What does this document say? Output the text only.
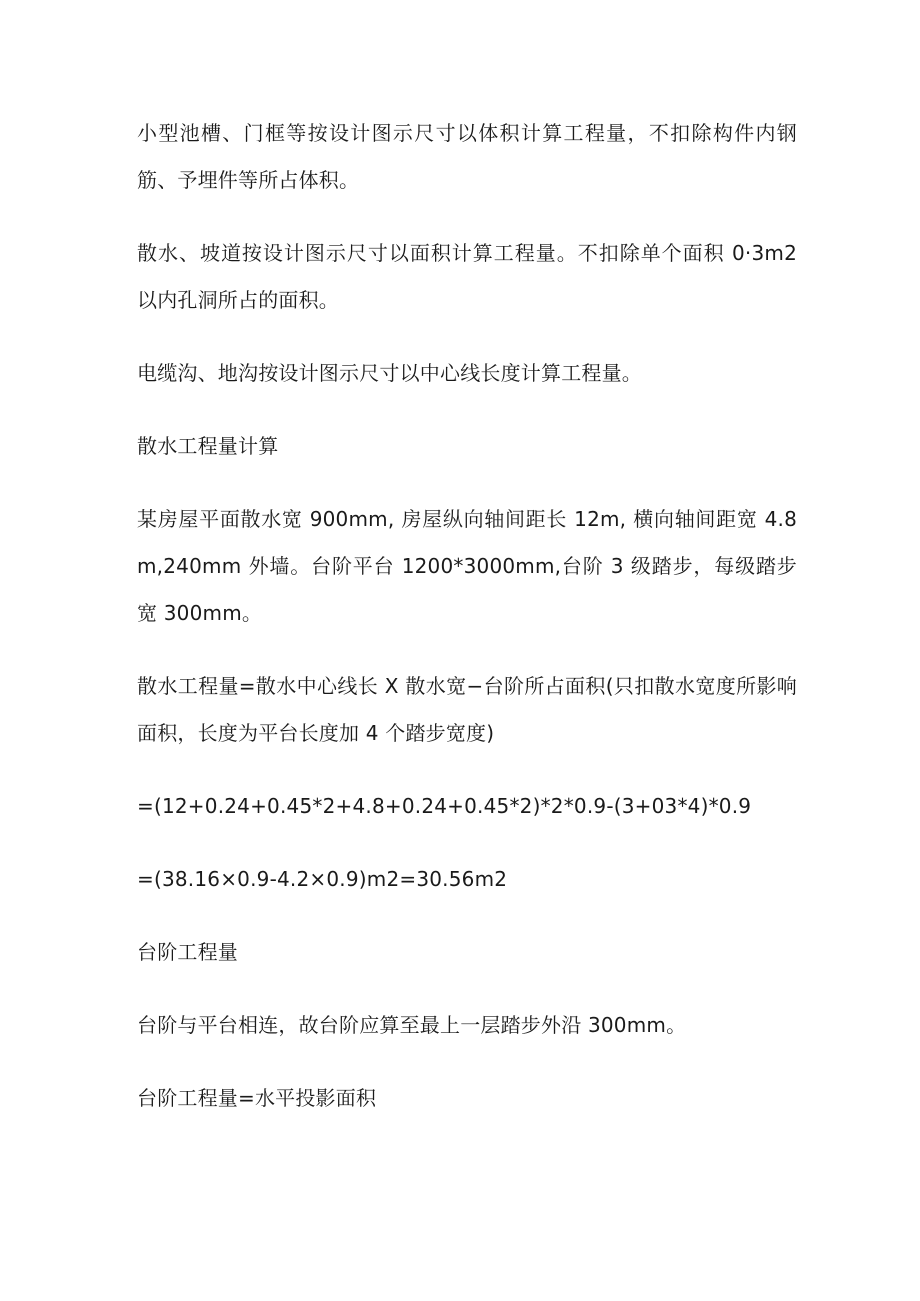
小型池槽、门框等按设计图示尺寸以体积计算工程量，不扣除构件内钢筋、予埋件等所占体积。

散水、坡道按设计图示尺寸以面积计算工程量。不扣除单个面积 0·3m2 以内孔洞所占的面积。

电缆沟、地沟按设计图示尺寸以中心线长度计算工程量。

散水工程量计算

某房屋平面散水宽 900mm, 房屋纵向轴间距长 12m, 横向轴间距宽 4.8m,240mm 外墙。台阶平台 1200*3000mm,台阶 3 级踏步，每级踏步宽 300mm。

散水工程量=散水中心线长 X 散水宽−台阶所占面积(只扣散水宽度所影响面积，长度为平台长度加 4 个踏步宽度)

=(12+0.24+0.45*2+4.8+0.24+0.45*2)*2*0.9-(3+03*4)*0.9

=(38.16×0.9-4.2×0.9)m2=30.56m2

台阶工程量

台阶与平台相连，故台阶应算至最上一层踏步外沿 300mm。

台阶工程量=水平投影面积
